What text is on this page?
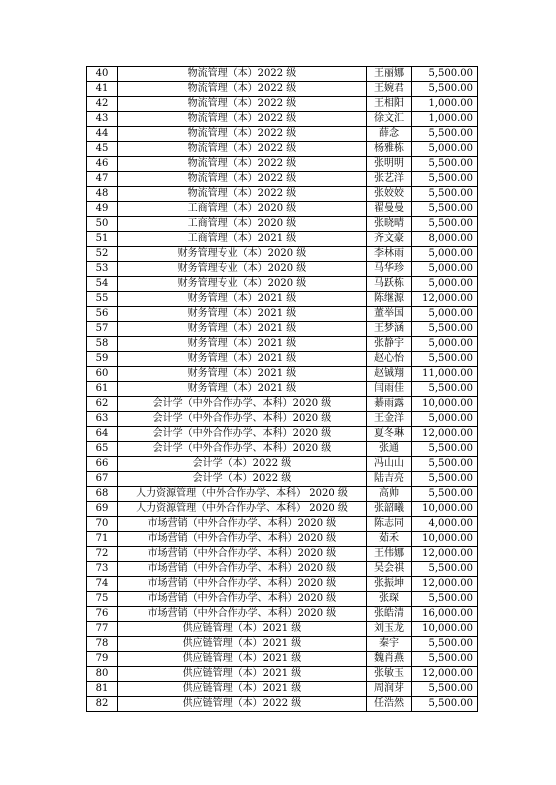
40	物流管理（本）2022 级	王丽娜	5,500.00
41	物流管理（本）2022 级	王婉君	5,500.00
42	物流管理（本）2022 级	王相阳	1,000.00
43	物流管理（本）2022 级	徐文汇	1,000.00
44	物流管理（本）2022 级	薛念	5,500.00
45	物流管理（本）2022 级	杨雅栋	5,000.00
46	物流管理（本）2022 级	张明明	5,500.00
47	物流管理（本）2022 级	张艺洋	5,500.00
48	物流管理（本）2022 级	张姣姣	5,500.00
49	工商管理（本）2020 级	翟曼曼	5,500.00
50	工商管理（本）2020 级	张晓晴	5,500.00
51	工商管理（本）2021 级	齐文豪	8,000.00
52	财务管理专业（本）2020 级	李林雨	5,000.00
53	财务管理专业（本）2020 级	马华珍	5,000.00
54	财务管理专业（本）2020 级	马跃栋	5,000.00
55	财务管理（本）2021 级	陈继源	12,000.00
56	财务管理（本）2021 级	董举国	5,000.00
57	财务管理（本）2021 级	王梦涵	5,500.00
58	财务管理（本）2021 级	张静宇	5,000.00
59	财务管理（本）2021 级	赵心怡	5,500.00
60	财务管理（本）2021 级	赵铖翔	11,000.00
61	财务管理（本）2021 级	闫雨佳	5,500.00
62	会计学（中外合作办学、本科）2020 级	綦雨露	10,000.00
63	会计学（中外合作办学、本科）2020 级	王金洋	5,000.00
64	会计学（中外合作办学、本科）2020 级	夏冬琳	12,000.00
65	会计学（中外合作办学、本科）2020 级	张通	5,500.00
66	会计学（本）2022 级	冯山山	5,500.00
67	会计学（本）2022 级	陆吉亮	5,500.00
68	人力资源管理（中外合作办学、本科） 2020 级	高帅	5,500.00
69	人力资源管理（中外合作办学、本科） 2020 级	张韶曦	10,000.00
70	市场营销（中外合作办学、本科）2020 级	陈志同	4,000.00
71	市场营销（中外合作办学、本科）2020 级	茹禾	10,000.00
72	市场营销（中外合作办学、本科）2020 级	王伟娜	12,000.00
73	市场营销（中外合作办学、本科）2020 级	吴会祺	5,500.00
74	市场营销（中外合作办学、本科）2020 级	张振坤	12,000.00
75	市场营销（中外合作办学、本科）2020 级	张琛	5,500.00
76	市场营销（中外合作办学、本科）2020 级	张皓清	16,000.00
77	供应链管理（本）2021 级	刘玉龙	10,000.00
78	供应链管理（本）2021 级	秦宇	5,500.00
79	供应链管理（本）2021 级	魏肖燕	5,500.00
80	供应链管理（本）2021 级	张敏玉	12,000.00
81	供应链管理（本）2021 级	周润芽	5,500.00
82	供应链管理（本）2022 级	任浩然	5,500.00
